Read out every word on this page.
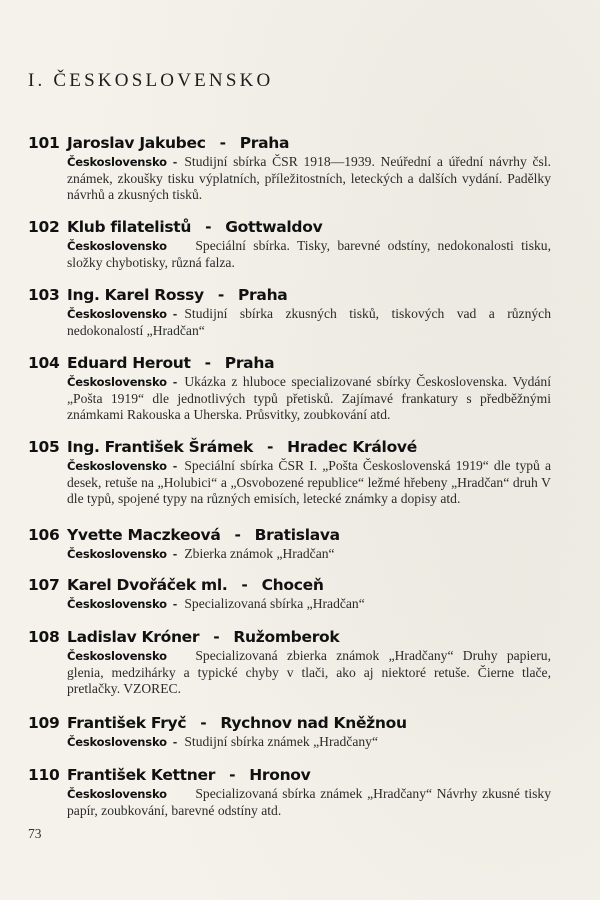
I. ČESKOSLOVENSKO
101 Jaroslav Jakubec - Praha
Československo - Studijní sbírka ČSR 1918—1939. Neúřední a úřední návrhy čsl. známek, zkoušky tisku výplatních, příležitostních, leteckých a dalších vydání. Padělky návrhů a zkusných tisků.
102 Klub filatelistů - Gottwaldov
Československo Speciální sbírka. Tisky, barevné odstíny, nedokonalosti tisku, složky chybotisky, různá falza.
103 Ing. Karel Rossy - Praha
Československo - Studijní sbírka zkusných tisků, tiskových vad a různých nedokonalostí „Hradčan“
104 Eduard Herout - Praha
Československo - Ukázka z hluboce specializované sbírky Československa. Vydání „Pošta 1919“ dle jednotlivých typů přetisků. Zajímavé frankatury s předběžnými známkami Rakouska a Uherska. Průsvitky, zoubkování atd.
105 Ing. František Šrámek - Hradec Králové
Československo - Speciální sbírka ČSR I. „Pošta Československá 1919“ dle typů a desek, retuše na „Holubici“ a „Osvobozené republice“ ležmé hřebeny „Hradčan“ druh V dle typů, spojené typy na různých emisích, letecké známky a dopisy atd.
106 Yvette Maczkeová - Bratislava
Československo - Zbierka známok „Hradčan“
107 Karel Dvořáček ml. - Choceň
Československo - Specializovaná sbírka „Hradčan“
108 Ladislav Króner - Ružomberok
Československo Specializovaná zbierka známok „Hradčany“ Druhy papieru, glenia, medzihárky a typické chyby v tlači, ako aj niektoré retuše. Čierne tlače, pretlačky. VZOREC.
109 František Fryč - Rychnov nad Kněžnou
Československo - Studijní sbírka známek „Hradčany“
110 František Kettner - Hronov
Československo Specializovaná sbírka známek „Hradčany“ Návrhy zkusné tisky papír, zoubkování, barevné odstíny atd.
73
